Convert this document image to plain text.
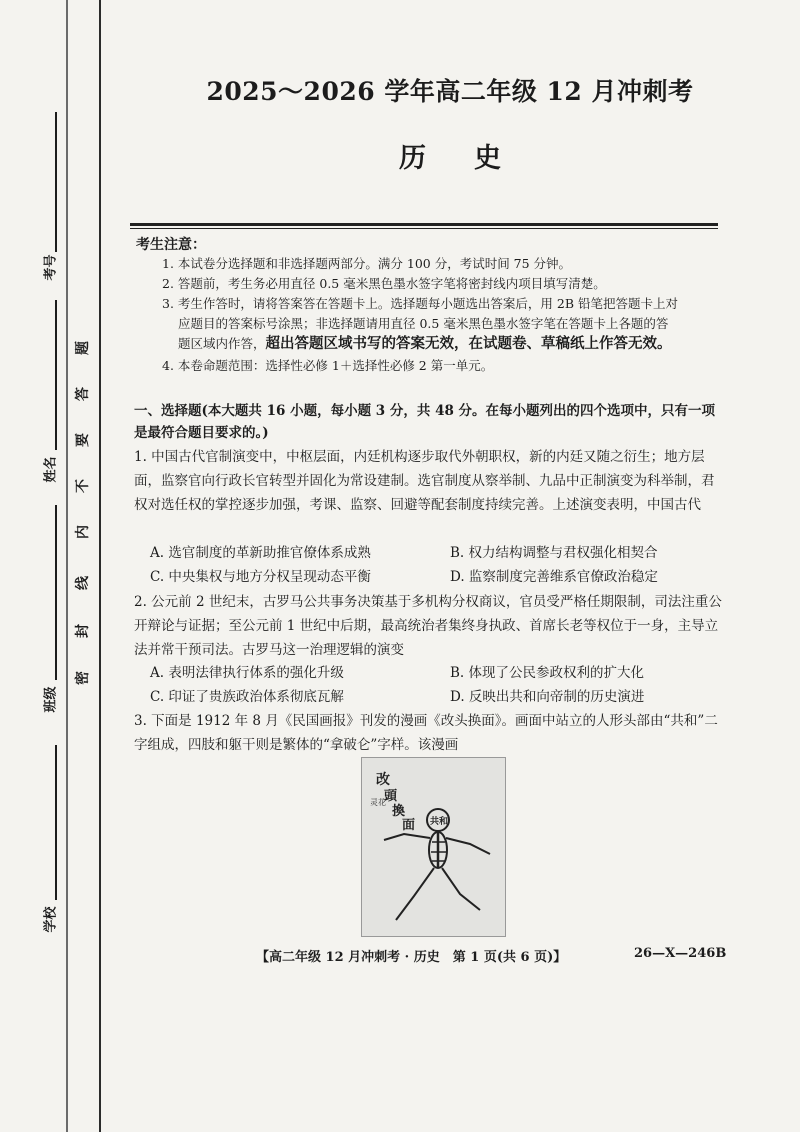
考号
姓名
班级
学校
题
答
要
不
内
线
封
密
2025～2026 学年高二年级 12 月冲刺考
历 史
考生注意：
1. 本试卷分选择题和非选择题两部分。满分 100 分，考试时间 75 分钟。
2. 答题前，考生务必用直径 0.5 毫米黑色墨水签字笔将密封线内项目填写清楚。
3. 考生作答时，请将答案答在答题卡上。选择题每小题选出答案后，用 2B 铅笔把答题卡上对
应题目的答案标号涂黑；非选择题请用直径 0.5 毫米黑色墨水签字笔在答题卡上各题的答
题区域内作答，超出答题区域书写的答案无效，在试题卷、草稿纸上作答无效。
4. 本卷命题范围：选择性必修 1＋选择性必修 2 第一单元。
一、选择题(本大题共 16 小题，每小题 3 分，共 48 分。在每小题列出的四个选项中，只有一项是最符合题目要求的。)
1. 中国古代官制演变中，中枢层面，内廷机构逐步取代外朝职权，新的内廷又随之衍生；地方层面，监察官向行政长官转型并固化为常设建制。选官制度从察举制、九品中正制演变为科举制，君权对选任权的掌控逐步加强，考课、监察、回避等配套制度持续完善。上述演变表明，中国古代
A. 选官制度的革新助推官僚体系成熟	B. 权力结构调整与君权强化相契合
C. 中央集权与地方分权呈现动态平衡	D. 监察制度完善维系官僚政治稳定
2. 公元前 2 世纪末，古罗马公共事务决策基于多机构分权商议，官员受严格任期限制，司法注重公开辩论与证据；至公元前 1 世纪中后期，最高统治者集终身执政、首席长老等权位于一身，主导立法并常干预司法。古罗马这一治理逻辑的演变
A. 表明法律执行体系的强化升级	B. 体现了公民参政权利的扩大化
C. 印证了贵族政治体系彻底瓦解	D. 反映出共和向帝制的历史演进
3. 下面是 1912 年 8 月《民国画报》刊发的漫画《改头换面》。画面中站立的人形头部由“共和”二字组成，四肢和躯干则是繁体的“拿破仑”字样。该漫画
改
頭
換
面
灵花
共和
【高二年级 12 月冲刺考 · 历史　第 1 页(共 6 页)】	26—X—246B
